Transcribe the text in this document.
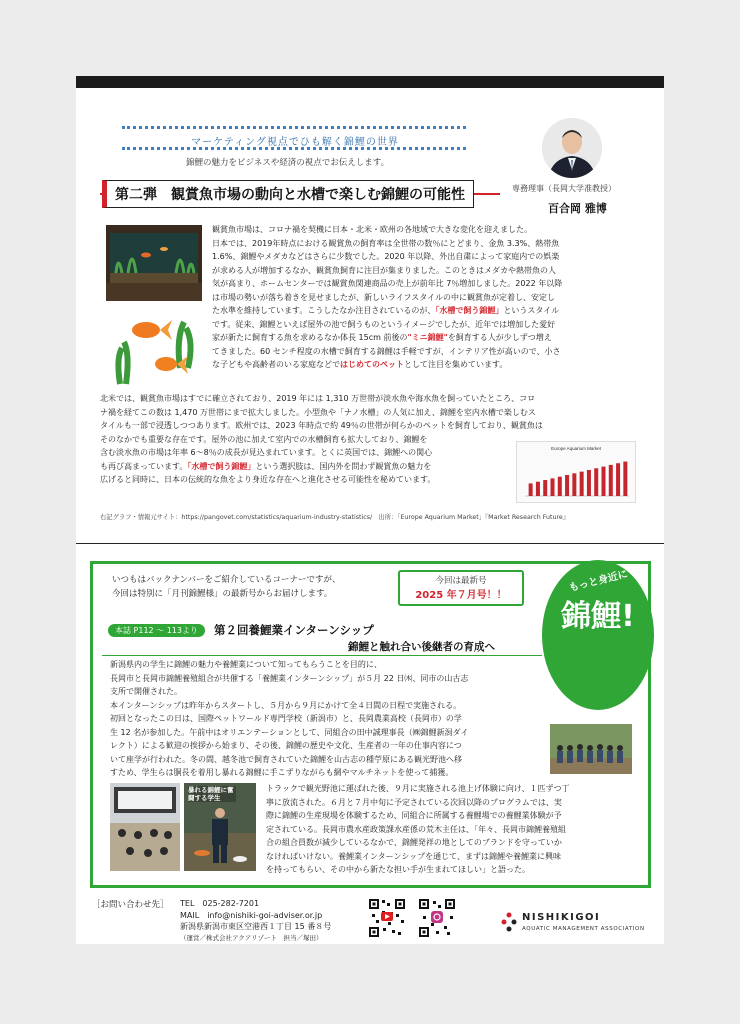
マーケティング視点でひも解く錦鯉の世界
錦鯉の魅力をビジネスや経済の視点でお伝えします。
第二弾　観賞魚市場の動向と水槽で楽しむ錦鯉の可能性	専務理事（長岡大学准教授）
百合岡 雅博
観賞魚市場は、コロナ禍を契機に日本・北米・欧州の各地域で大きな変化を迎えました。
日本では、2019年時点における観賞魚の飼育率は全世帯の数％にとどまり、金魚 3.3%、熱帯魚
1.6%、錦鯉やメダカなどはさらに少数でした。2020 年以降、外出自粛によって家庭内での娯楽
が求める人が増加するなか、観賞魚飼育に注目が集まりました。このときはメダカや熱帯魚の人
気が高まり、ホームセンターでは観賞魚関連商品の売上が前年比 7％増加しました。2022 年以降
は市場の勢いが落ち着きを見せましたが、新しいライフスタイルの中に観賞魚が定着し、安定し
た水準を維持しています。こうしたなか注目されているのが、「水槽で飼う錦鯉」というスタイル
です。従来、錦鯉といえば屋外の池で飼うものというイメージでしたが、近年では増加した愛好
家が新たに飼育する魚を求めるなか体長 15cm 前後の"ミニ錦鯉"を飼育する人が少しずつ増え
てきました。60 センチ程度の水槽で飼育する錦鯉は手軽ですが、インテリア性が高いので、小さ
な子どもや高齢者のいる家庭などではじめてのペットとして注目を集めています。
北米では、観賞魚市場はすでに確立されており、2019 年には 1,310 万世帯が淡水魚や海水魚を飼っていたところ、コロ
ナ禍を経てこの数は 1,470 万世帯にまで拡大しました。小型魚や「ナノ水槽」の人気に加え、錦鯉を室内水槽で楽しむス
タイルも一部で浸透しつつあります。欧州では、2023 年時点で約 49％の世帯が何らかのペットを飼育しており、観賞魚は
そのなかでも重要な存在です。屋外の池に加えて室内での水槽飼育も拡大しており、錦鯉を
含む淡水魚の市場は年率 6～8％の成長が見込まれています。とくに英国では、錦鯉への関心
も再び高まっています。「水槽で飼う錦鯉」という選択肢は、国内外を問わず観賞魚の魅力を
広げると同時に、日本の伝統的な魚をより身近な存在へと進化させる可能性を秘めています。
Europe Aquarium Market
右記グラフ・情報元サイト：https://pangovet.com/statistics/aquarium-industry-statistics/　出所：「Europe Aquarium Market」『Market Research Future』
いつもはバックナンバーをご紹介しているコーナーですが、
今回は特別に「月刊錦鯉様」の最新号からお届けします。
今回は最新号
2025 年７月号！！
もっと身近に
錦鯉!
本誌 P112 ～ 113より	第２回養鯉業インターンシップ
錦鯉と触れ合い後継者の育成へ
新潟県内の学生に錦鯉の魅力や養鯉業について知ってもらうことを目的に、
長岡市と長岡市錦鯉養殖組合が共催する「養鯉業インターンシップ」が５月 22 日㈭、同市の山古志
支所で開催された。
本インターンシップは昨年からスタートし、５月から９月にかけて全４日間の日程で実施される。
初回となったこの日は、国際ペットワールド専門学校（新潟市）と、長岡農業高校（長岡市）の学
生 12 名が参加した。午前中はオリエンテーションとして、同組合の田中誠理事長（㈱錦鯉新潟ダイ
レクト）による歓迎の挨拶から始まり、その後、錦鯉の歴史や文化、生産者の一年の仕事内容につ
いて座学が行われた。冬の間、越冬池で飼育されていた錦鯉を山古志の種苧原にある観光野池へ移
すため、学生らは胴長を着用し暴れる錦鯉に手こずりながらも網やマルチネットを使って捕獲。
暴れる錦鯉に奮闘する学生
トラックで観光野池に運ばれた後、９月に実施される池上げ体験に向け、１匹ずつ丁
寧に放流された。６月と７月中旬に予定されている次回以降のプログラムでは、実
際に錦鯉の生産現場を体験するため、同組合に所属する養鯉場での養鯉業体験が予
定されている。長岡市農水産政策課水産係の荒木主任は、「年々、長岡市錦鯉養殖組
合の組合員数が減少しているなかで、錦鯉発祥の地としてのブランドを守っていか
なければいけない。養鯉業インターンシップを通じて、まずは錦鯉や養鯉業に興味
を持ってもらい、その中から新たな担い手が生まれてほしい」と語った。
［お問い合わせ先］ TEL　025-282-7201
MAIL　info@nishiki-goi-adviser.or.jp
新潟県新潟市東区空港西１丁目 15 番８号
（運営／株式会社アクアリゾート　担当／塚田）
NISHIKIGOI
AQUATIC MANAGEMENT ASSOCIATION
